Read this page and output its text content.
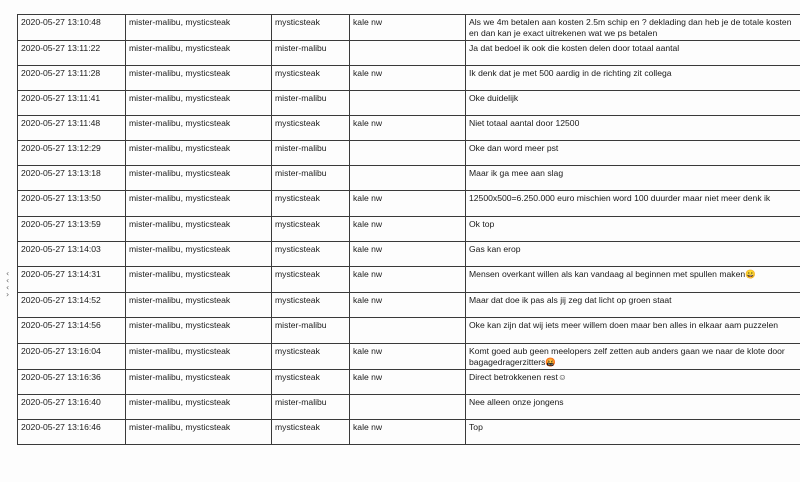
‹
‹
‹
›
2020-05-27 13:10:48	mister-malibu, mysticsteak	mysticsteak	kale nw	Als we 4m betalen aan kosten 2.5m schip en ? deklading dan heb je de totale kosten en dan kan je exact uitrekenen wat we ps betalen
2020-05-27 13:11:22	mister-malibu, mysticsteak	mister-malibu		Ja dat bedoel ik ook die kosten delen door totaal aantal
2020-05-27 13:11:28	mister-malibu, mysticsteak	mysticsteak	kale nw	Ik denk dat je met 500 aardig in de richting zit collega
2020-05-27 13:11:41	mister-malibu, mysticsteak	mister-malibu		Oke duidelijk
2020-05-27 13:11:48	mister-malibu, mysticsteak	mysticsteak	kale nw	Niet totaal aantal door 12500
2020-05-27 13:12:29	mister-malibu, mysticsteak	mister-malibu		Oke dan word meer pst
2020-05-27 13:13:18	mister-malibu, mysticsteak	mister-malibu		Maar ik ga mee aan slag
2020-05-27 13:13:50	mister-malibu, mysticsteak	mysticsteak	kale nw	12500x500=6.250.000 euro mischien word 100 duurder maar niet meer denk ik
2020-05-27 13:13:59	mister-malibu, mysticsteak	mysticsteak	kale nw	Ok top
2020-05-27 13:14:03	mister-malibu, mysticsteak	mysticsteak	kale nw	Gas kan erop
2020-05-27 13:14:31	mister-malibu, mysticsteak	mysticsteak	kale nw	Mensen overkant willen als kan vandaag al beginnen met spullen maken😀
2020-05-27 13:14:52	mister-malibu, mysticsteak	mysticsteak	kale nw	Maar dat doe ik pas als jij zeg dat licht op groen staat
2020-05-27 13:14:56	mister-malibu, mysticsteak	mister-malibu		Oke kan zijn dat wij iets meer willem doen maar ben alles in elkaar aam puzzelen
2020-05-27 13:16:04	mister-malibu, mysticsteak	mysticsteak	kale nw	Komt goed aub geen meelopers zelf zetten aub anders gaan we naar de klote door bagagedragerzitters🤬
2020-05-27 13:16:36	mister-malibu, mysticsteak	mysticsteak	kale nw	Direct betrokkenen rest☺
2020-05-27 13:16:40	mister-malibu, mysticsteak	mister-malibu		Nee alleen onze jongens
2020-05-27 13:16:46	mister-malibu, mysticsteak	mysticsteak	kale nw	Top
